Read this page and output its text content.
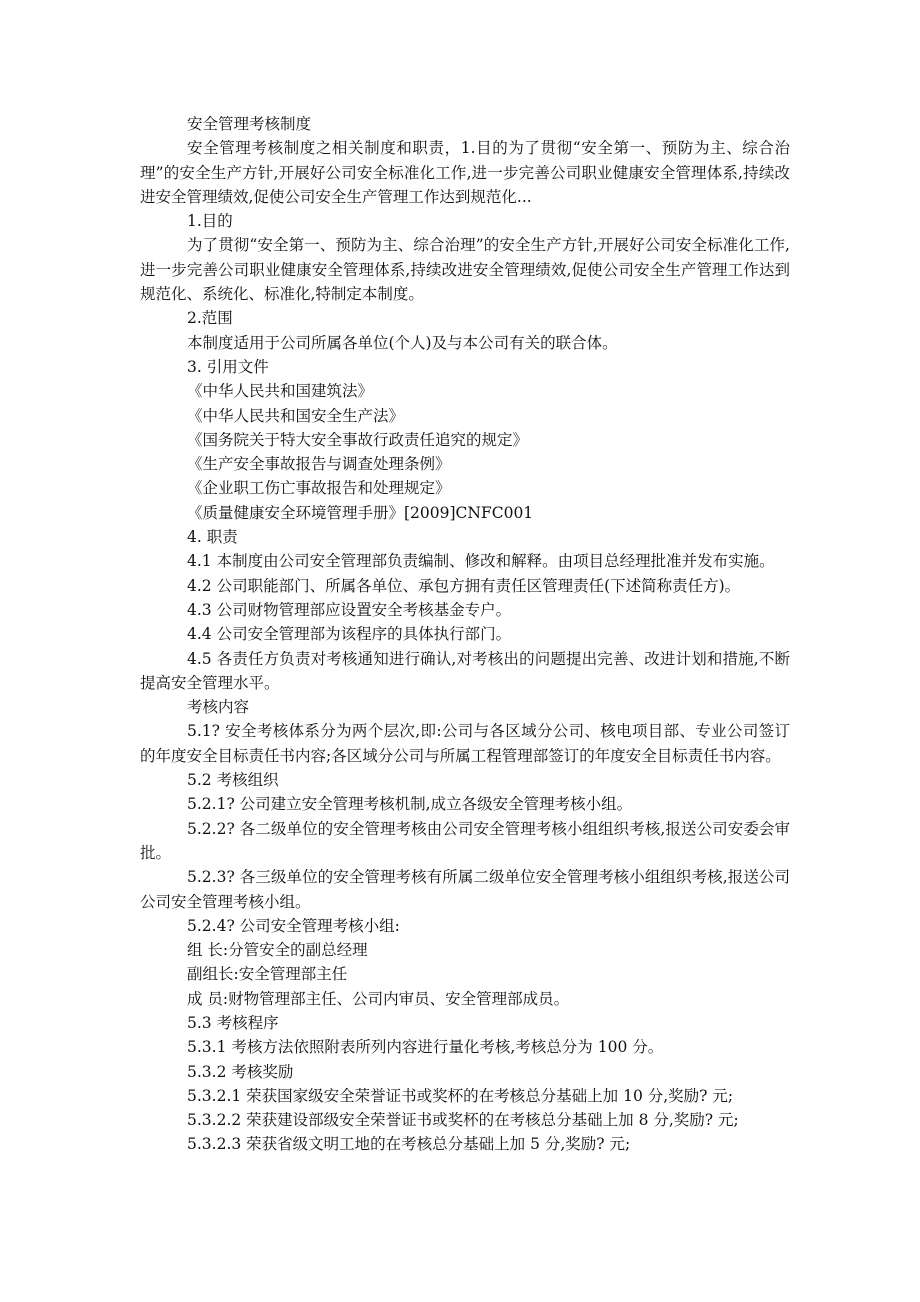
安全管理考核制度

安全管理考核制度之相关制度和职责，1.目的为了贯彻“安全第一、预防为主、综合治理”的安全生产方针,开展好公司安全标准化工作,进一步完善公司职业健康安全管理体系,持续改进安全管理绩效,促使公司安全生产管理工作达到规范化...

1.目的

为了贯彻“安全第一、预防为主、综合治理”的安全生产方针,开展好公司安全标准化工作,进一步完善公司职业健康安全管理体系,持续改进安全管理绩效,促使公司安全生产管理工作达到规范化、系统化、标准化,特制定本制度。

2.范围

本制度适用于公司所属各单位(个人)及与本公司有关的联合体。

3. 引用文件

《中华人民共和国建筑法》

《中华人民共和国安全生产法》

《国务院关于特大安全事故行政责任追究的规定》

《生产安全事故报告与调查处理条例》

《企业职工伤亡事故报告和处理规定》

《质量健康安全环境管理手册》[2009]CNFC001

4. 职责

4.1 本制度由公司安全管理部负责编制、修改和解释。由项目总经理批准并发布实施。

4.2 公司职能部门、所属各单位、承包方拥有责任区管理责任(下述简称责任方)。

4.3 公司财物管理部应设置安全考核基金专户。

4.4 公司安全管理部为该程序的具体执行部门。

4.5 各责任方负责对考核通知进行确认,对考核出的问题提出完善、改进计划和措施,不断提高安全管理水平。

考核内容

5.1? 安全考核体系分为两个层次,即:公司与各区域分公司、核电项目部、专业公司签订的年度安全目标责任书内容;各区域分公司与所属工程管理部签订的年度安全目标责任书内容。

5.2 考核组织

5.2.1? 公司建立安全管理考核机制,成立各级安全管理考核小组。

5.2.2? 各二级单位的安全管理考核由公司安全管理考核小组组织考核,报送公司安委会审批。

5.2.3? 各三级单位的安全管理考核有所属二级单位安全管理考核小组组织考核,报送公司公司安全管理考核小组。

5.2.4? 公司安全管理考核小组:

组 长:分管安全的副总经理

副组长:安全管理部主任

成 员:财物管理部主任、公司内审员、安全管理部成员。

5.3 考核程序

5.3.1 考核方法依照附表所列内容进行量化考核,考核总分为 100 分。

5.3.2 考核奖励

5.3.2.1 荣获国家级安全荣誉证书或奖杯的在考核总分基础上加 10 分,奖励? 元;

5.3.2.2 荣获建设部级安全荣誉证书或奖杯的在考核总分基础上加 8 分,奖励? 元;

5.3.2.3 荣获省级文明工地的在考核总分基础上加 5 分,奖励? 元;
